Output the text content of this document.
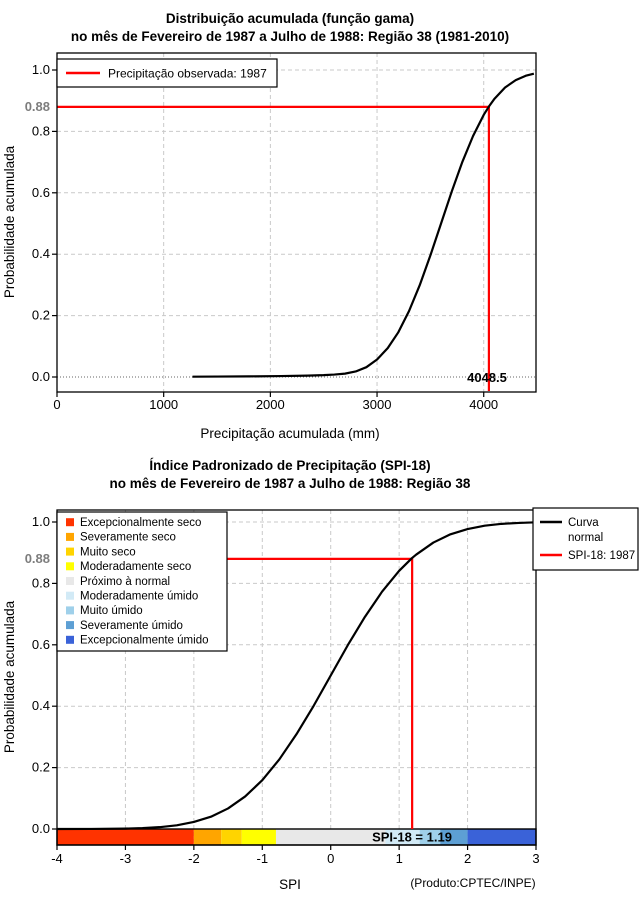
Distribuição acumulada (função gama)
no mês de Fevereiro de 1987 a Julho de 1988: Região 38 (1981-2010)
0	1000	2000	3000	4000
0.0
0.2
0.4
0.6
0.8
1.0
0.88
4048.5
Precipitação observada: 1987
Precipitação acumulada (mm)
Probabilidade acumulada
Índice Padronizado de Precipitação (SPI-18)
no mês de Fevereiro de 1987 a Julho de 1988: Região 38
SPI-18 = 1.19
-4	-3	-2	-1	0	1	2	3
0.0
0.2
0.4
0.6
0.8
1.0
0.88
Excepcionalmente seco
Severamente seco
Muito seco
Moderadamente seco
Próximo à normal
Moderadamente úmido
Muito úmido
Severamente úmido
Excepcionalmente úmido
Curva
normal
SPI-18: 1987
SPI	(Produto:CPTEC/INPE)
Probabilidade acumulada
